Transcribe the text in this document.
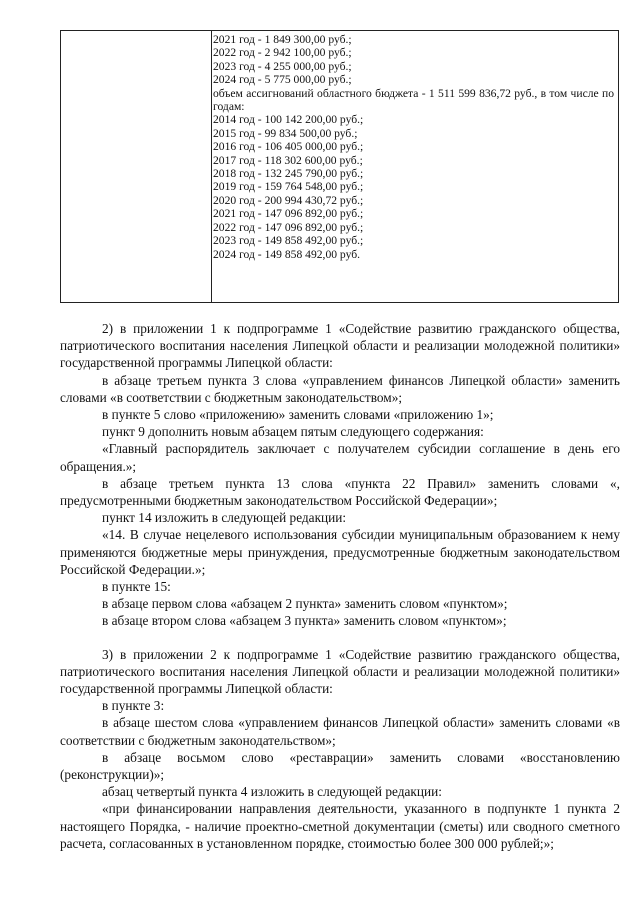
2021 год - 1 849 300,00 руб.;
2022 год - 2 942 100,00 руб.;
2023 год - 4 255 000,00 руб.;
2024 год - 5 775 000,00 руб.;
объем ассигнований областного бюджета - 1 511 599 836,72 руб., в том числе по годам:
2014 год - 100 142 200,00 руб.;
2015 год - 99 834 500,00 руб.;
2016 год - 106 405 000,00 руб.;
2017 год - 118 302 600,00 руб.;
2018 год - 132 245 790,00 руб.;
2019 год - 159 764 548,00 руб.;
2020 год - 200 994 430,72 руб.;
2021 год - 147 096 892,00 руб.;
2022 год - 147 096 892,00 руб.;
2023 год - 149 858 492,00 руб.;
2024 год - 149 858 492,00 руб.

2) в приложении 1 к подпрограмме 1 «Содействие развитию гражданского общества, патриотического воспитания населения Липецкой области и реализации молодежной политики» государственной программы Липецкой области:

в абзаце третьем пункта 3 слова «управлением финансов Липецкой области» заменить словами «в соответствии с бюджетным законодательством»;

в пункте 5 слово «приложению» заменить словами «приложению 1»;

пункт 9 дополнить новым абзацем пятым следующего содержания:

«Главный распорядитель заключает с получателем субсидии соглашение в день его обращения.»;

в абзаце третьем пункта 13 слова «пункта 22 Правил» заменить словами «, предусмотренными бюджетным законодательством Российской Федерации»;

пункт 14 изложить в следующей редакции:

«14. В случае нецелевого использования субсидии муниципальным образованием к нему применяются бюджетные меры принуждения, предусмотренные бюджетным законодательством Российской Федерации.»;

в пункте 15:

в абзаце первом слова «абзацем 2 пункта» заменить словом «пунктом»;

в абзаце втором слова «абзацем 3 пункта» заменить словом «пунктом»;

3) в приложении 2 к подпрограмме 1 «Содействие развитию гражданского общества, патриотического воспитания населения Липецкой области и реализации молодежной политики» государственной программы Липецкой области:

в пункте 3:

в абзаце шестом слова «управлением финансов Липецкой области» заменить словами «в соответствии с бюджетным законодательством»;

в абзаце восьмом слово «реставрации» заменить словами «восстановлению (реконструкции)»;

абзац четвертый пункта 4 изложить в следующей редакции:

«при финансировании направления деятельности, указанного в подпункте 1 пункта 2 настоящего Порядка, - наличие проектно-сметной документации (сметы) или сводного сметного расчета, согласованных в установленном порядке, стоимостью более 300 000 рублей;»;
